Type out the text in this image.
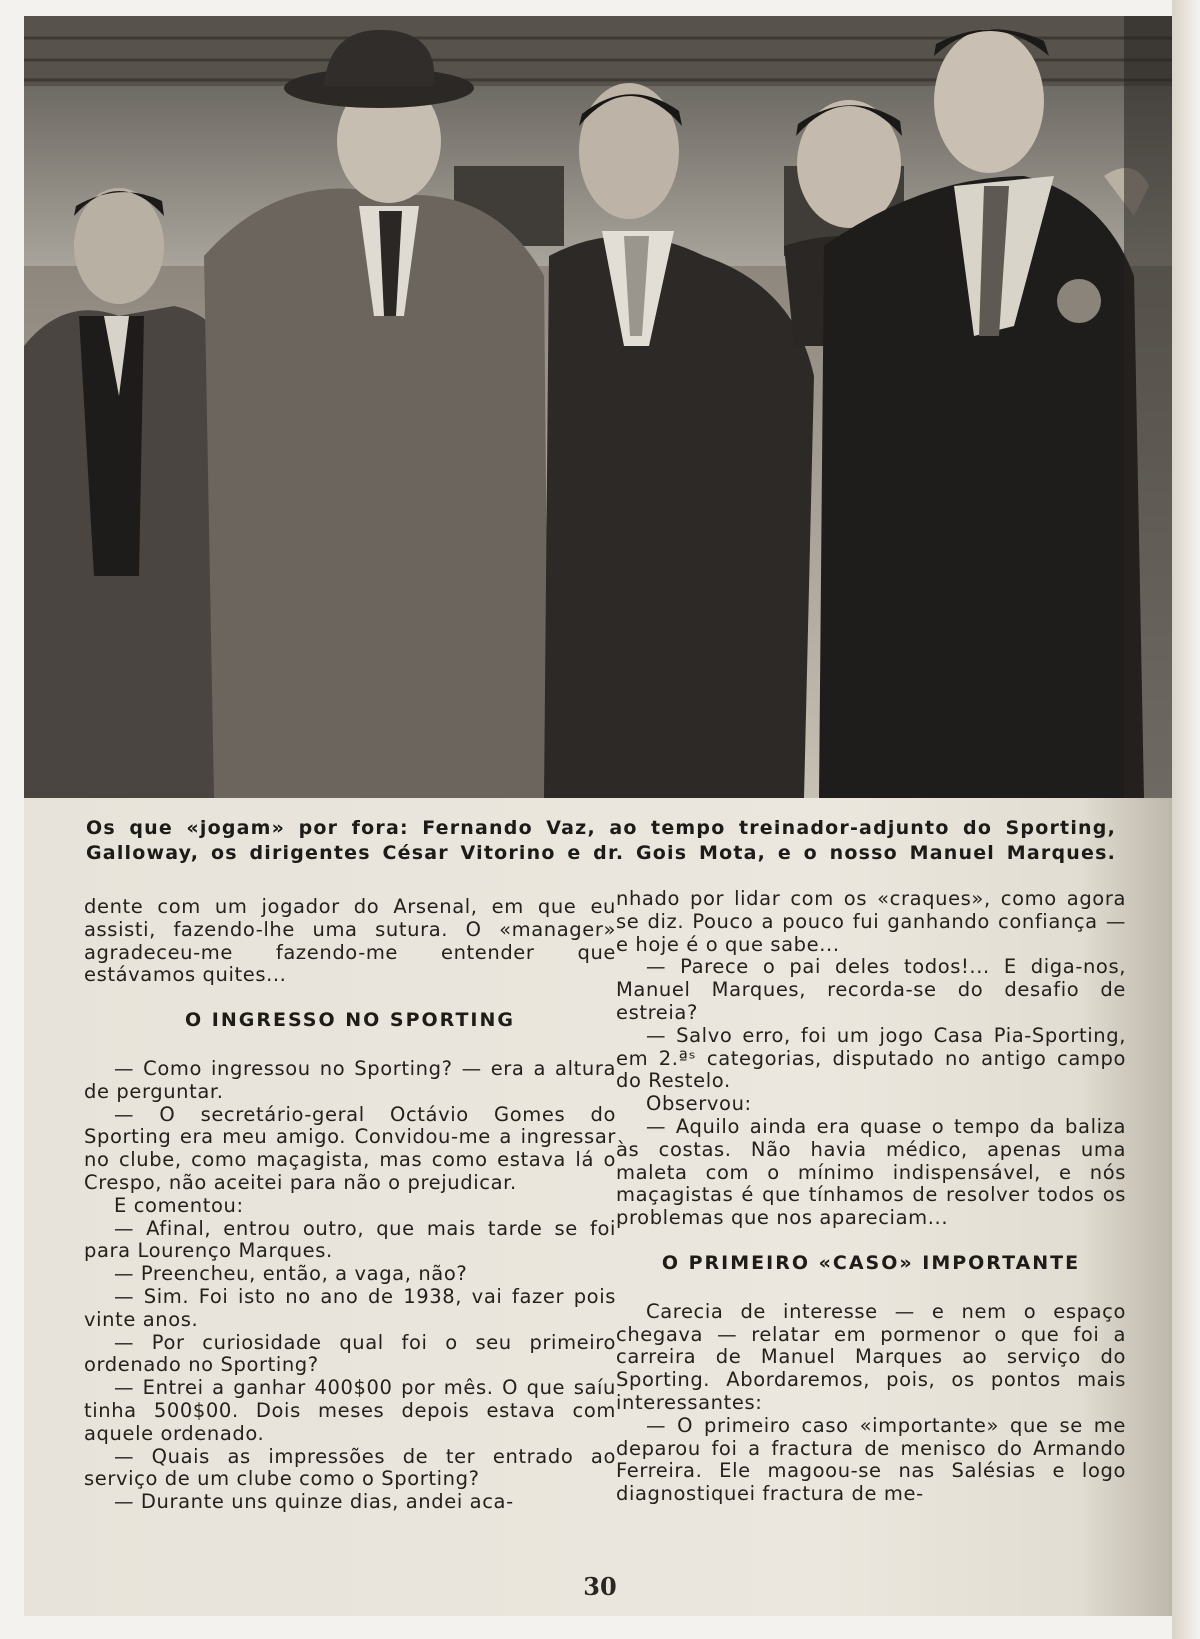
Os que «jogam» por fora: Fernando Vaz, ao tempo treinador-adjunto do Sporting, Galloway, os dirigentes César Vitorino e dr. Gois Mota, e o nosso Manuel Marques.

dente com um jogador do Arsenal, em que eu assisti, fazendo-lhe uma sutura. O «manager» agradeceu-me fazendo-me entender que estávamos quites...

O INGRESSO NO SPORTING

— Como ingressou no Sporting? — era a altura de perguntar.

— O secretário-geral Octávio Gomes do Sporting era meu amigo. Convidou-me a ingressar no clube, como maçagista, mas como estava lá o Crespo, não aceitei para não o prejudicar.

E comentou:

— Afinal, entrou outro, que mais tarde se foi para Lourenço Marques.

— Preencheu, então, a vaga, não?

— Sim. Foi isto no ano de 1938, vai fazer pois vinte anos.

— Por curiosidade qual foi o seu primeiro ordenado no Sporting?

— Entrei a ganhar 400$00 por mês. O que saíu tinha 500$00. Dois meses depois estava com aquele ordenado.

— Quais as impressões de ter entrado ao serviço de um clube como o Sporting?

— Durante uns quinze dias, andei aca-

nhado por lidar com os «craques», como agora se diz. Pouco a pouco fui ganhando confiança — e hoje é o que sabe...

— Parece o pai deles todos!... E diga-nos, Manuel Marques, recorda-se do desafio de estreia?

— Salvo erro, foi um jogo Casa Pia-Sporting, em 2.ªˢ categorias, disputado no antigo campo do Restelo.

Observou:

— Aquilo ainda era quase o tempo da baliza às costas. Não havia médico, apenas uma maleta com o mínimo indispensável, e nós maçagistas é que tínhamos de resolver todos os problemas que nos apareciam...

O PRIMEIRO «CASO» IMPORTANTE

Carecia de interesse — e nem o espaço chegava — relatar em pormenor o que foi a carreira de Manuel Marques ao serviço do Sporting. Abordaremos, pois, os pontos mais interessantes:

— O primeiro caso «importante» que se me deparou foi a fractura de menisco do Armando Ferreira. Ele magoou-se nas Salésias e logo diagnostiquei fractura de me-

30
